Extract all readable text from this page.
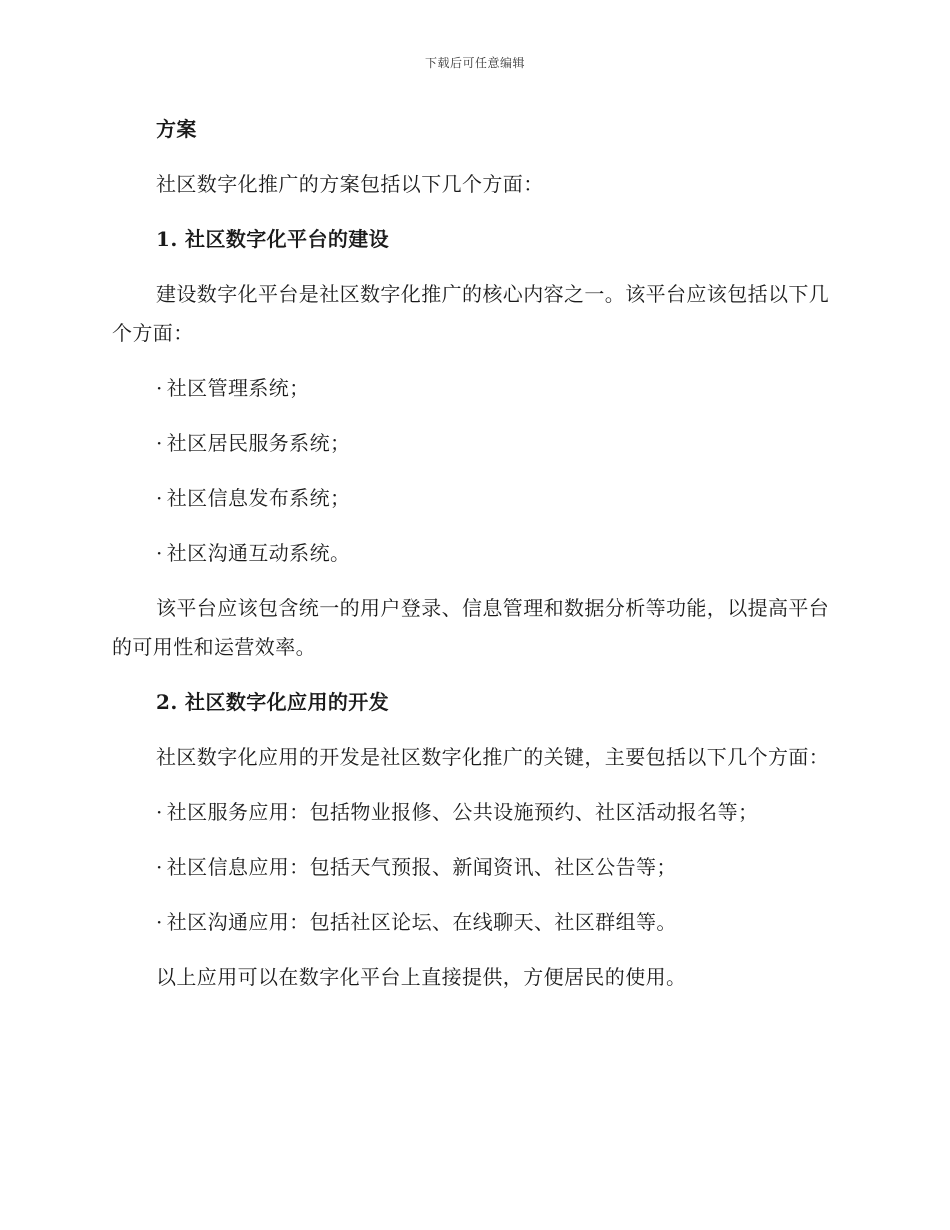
下载后可任意编辑
方案
社区数字化推广的方案包括以下几个方面：
1. 社区数字化平台的建设
建设数字化平台是社区数字化推广的核心内容之一。该平台应该包括以下几个方面：
· 社区管理系统；
· 社区居民服务系统；
· 社区信息发布系统；
· 社区沟通互动系统。
该平台应该包含统一的用户登录、信息管理和数据分析等功能，以提高平台的可用性和运营效率。
2. 社区数字化应用的开发
社区数字化应用的开发是社区数字化推广的关键，主要包括以下几个方面：
· 社区服务应用：包括物业报修、公共设施预约、社区活动报名等；
· 社区信息应用：包括天气预报、新闻资讯、社区公告等；
· 社区沟通应用：包括社区论坛、在线聊天、社区群组等。
以上应用可以在数字化平台上直接提供，方便居民的使用。
